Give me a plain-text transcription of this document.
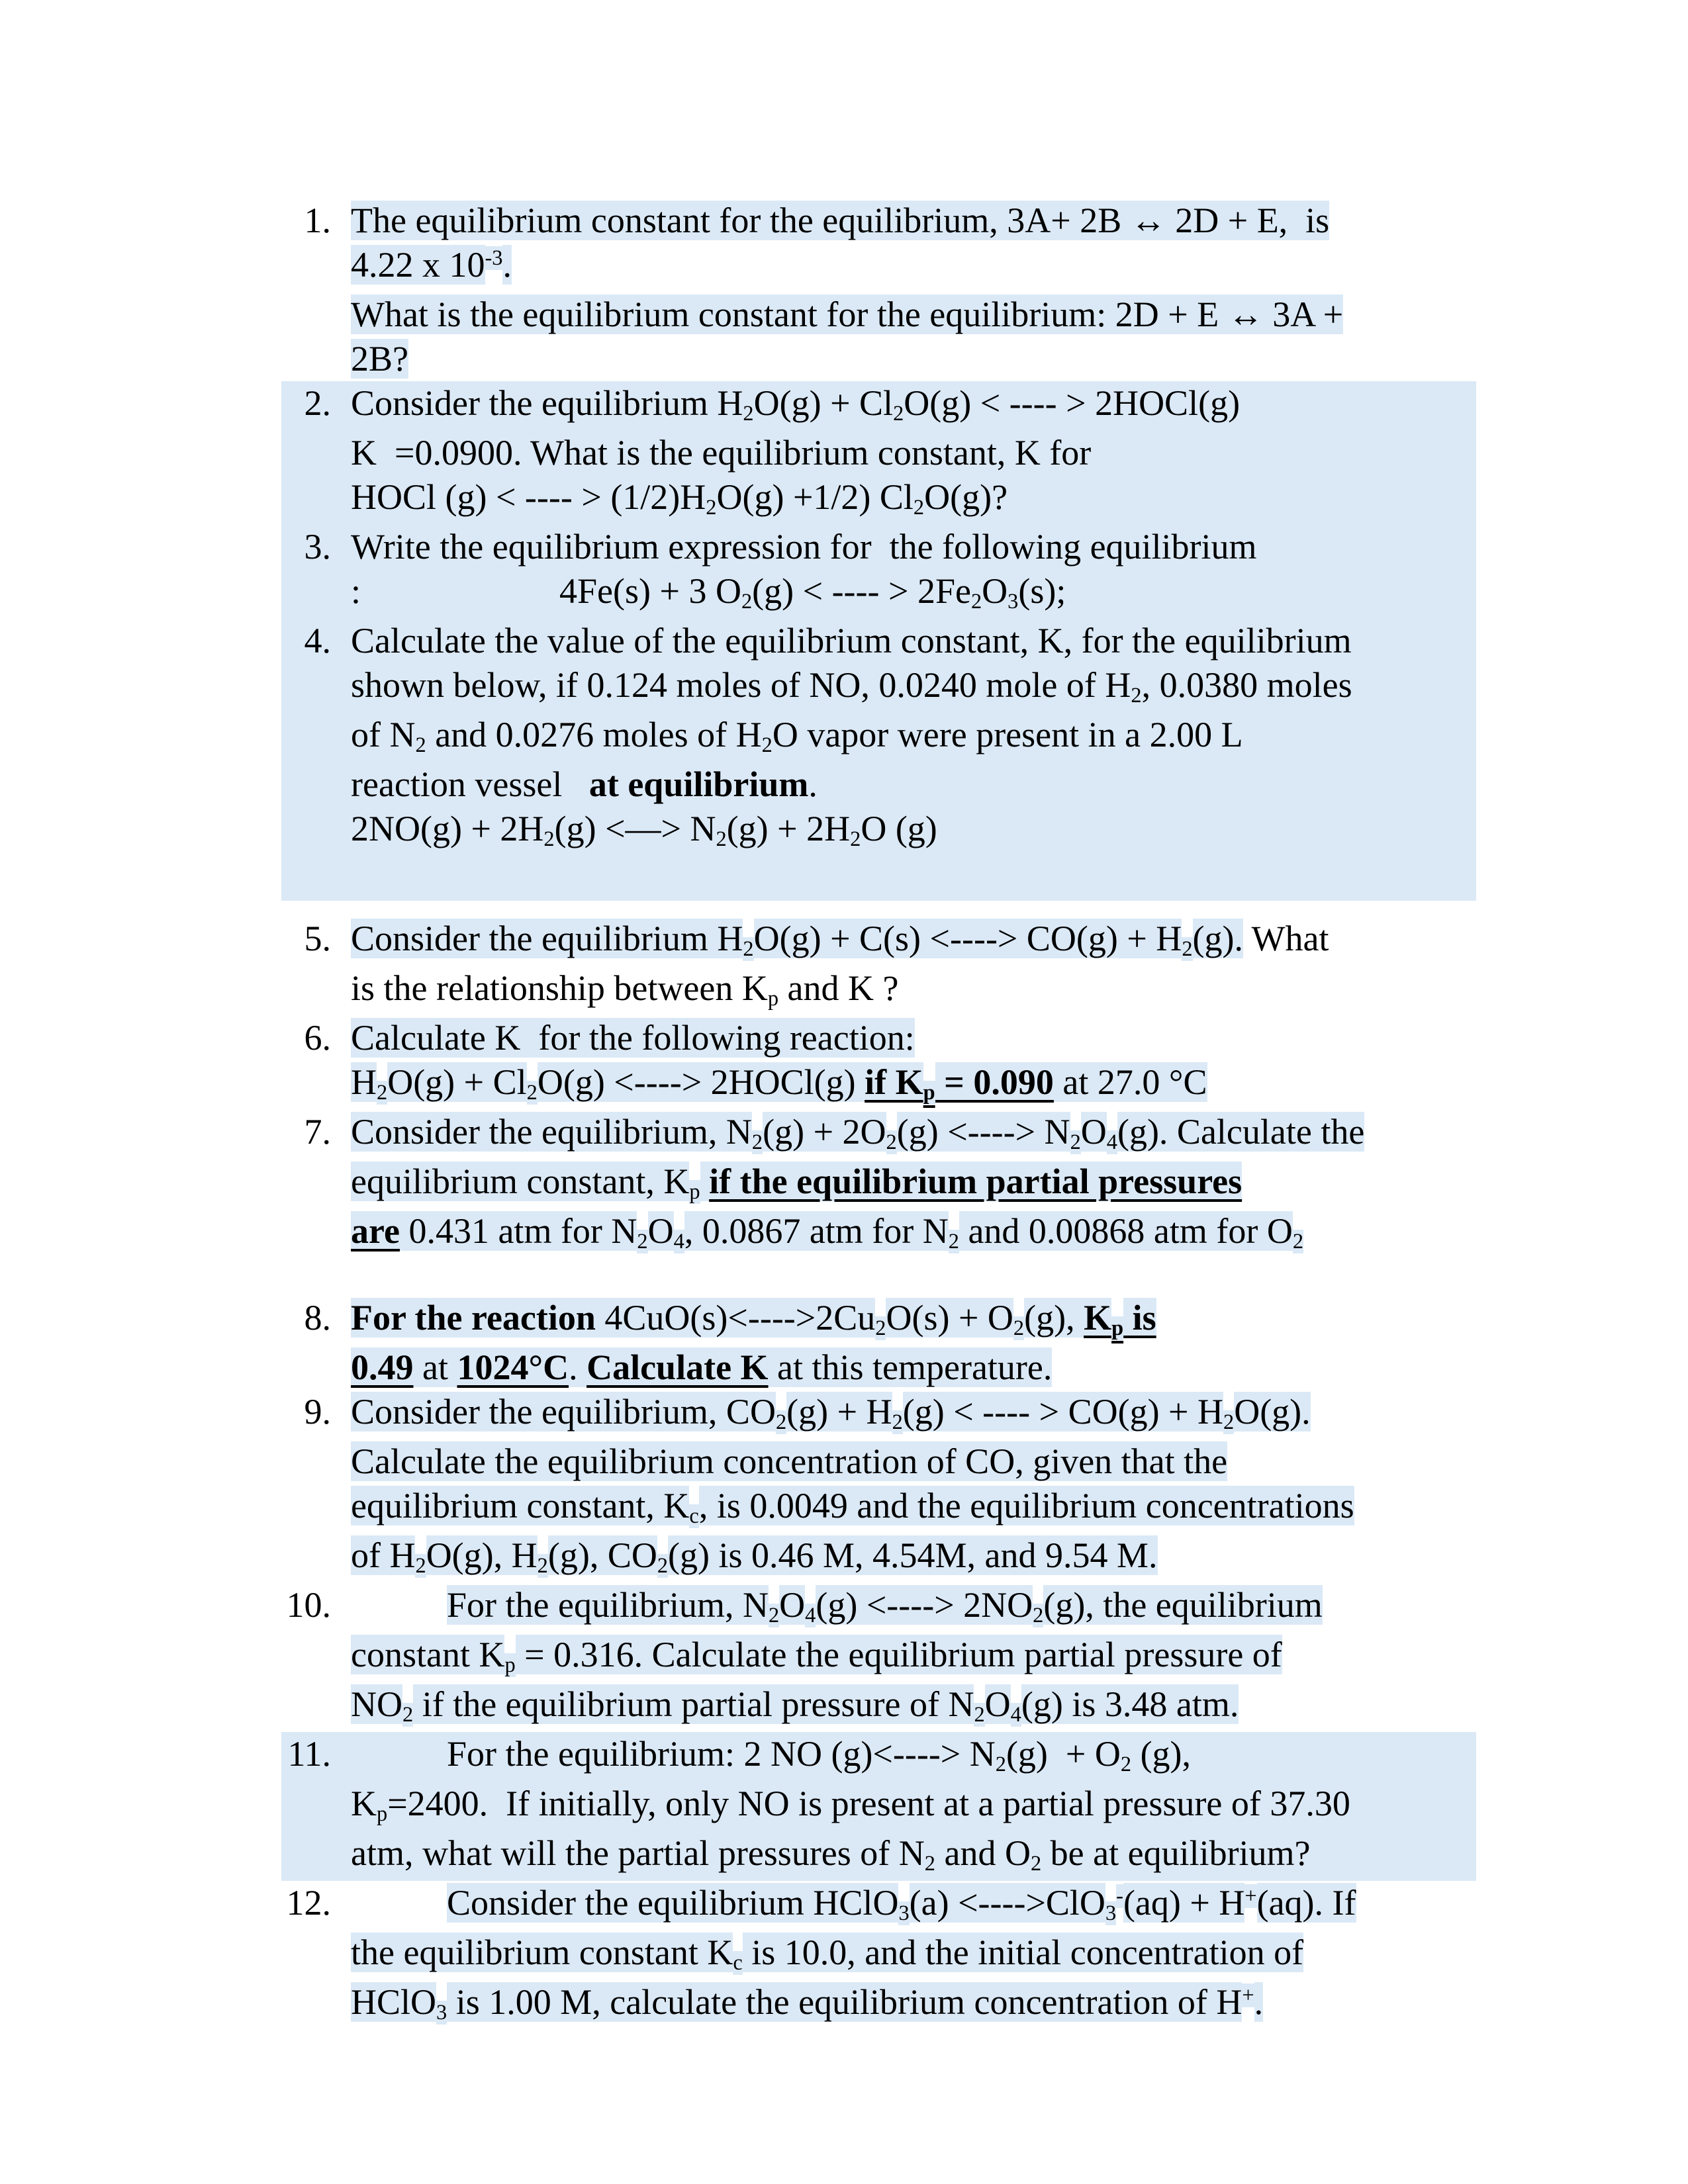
1. The equilibrium constant for the equilibrium, 3A+ 2B ↔ 2D + E,  is
4.22 x $10^{-3}$.
What is the equilibrium constant for the equilibrium: 2D + E ↔ 3A +
2B?
2. Consider the equilibrium H2O(g) + Cl2O(g) < ---- > 2HOCl(g)
K  =0.0900. What is the equilibrium constant, K for
HOCl (g) < ---- > (1/2)H2O(g) +1/2) Cl2O(g)?
3. Write the equilibrium expression for  the following equilibrium
:	4Fe(s) + 3 O2(g) < ---- > 2Fe2O3(s);
4. Calculate the value of the equilibrium constant, K, for the equilibrium
shown below, if 0.124 moles of NO, 0.0240 mole of H2, 0.0380 moles
of N2 and 0.0276 moles of H2O vapor were present in a 2.00 L
reaction vessel   at equilibrium.
2NO(g) + 2H2(g) <—> N2(g) + 2H2O (g)

5. Consider the equilibrium H2O(g) + C(s) <----> CO(g) + H2(g). What
is the relationship between Kp and K ?
6. Calculate K  for the following reaction:
H2O(g) + Cl2O(g) <----> 2HOCl(g) if Kp = 0.090 at 27.0 °C
7. Consider the equilibrium, N2(g) + 2O2(g) <----> N2O4(g). Calculate the
equilibrium constant, Kp if the equilibrium partial pressures
are 0.431 atm for N2O4, 0.0867 atm for N2 and 0.00868 atm for O2
8. For the reaction 4CuO(s)<---->2Cu2O(s) + O2(g), Kp is
0.49 at 1024°C. Calculate K at this temperature.
9. Consider the equilibrium, CO2(g) + H2(g) < ---- > CO(g) + H2O(g).
Calculate the equilibrium concentration of CO, given that the
equilibrium constant, Kc, is 0.0049 and the equilibrium concentrations
of H2O(g), H2(g), CO2(g) is 0.46 M, 4.54M, and 9.54 M.
10.	For the equilibrium, N2O4(g) <----> 2NO2(g), the equilibrium
constant Kp = 0.316. Calculate the equilibrium partial pressure of
NO2 if the equilibrium partial pressure of N2O4(g) is 3.48 atm.
11.	For the equilibrium: 2 NO (g)<----> N2(g)  + O2 (g),
Kp=2400.  If initially, only NO is present at a partial pressure of 37.30
atm, what will the partial pressures of N2 and O2 be at equilibrium?
12.	Consider the equilibrium HClO3(a) <---->ClO3-(aq) + H+(aq). If
the equilibrium constant Kc is 10.0, and the initial concentration of
HClO3 is 1.00 M, calculate the equilibrium concentration of H+.
